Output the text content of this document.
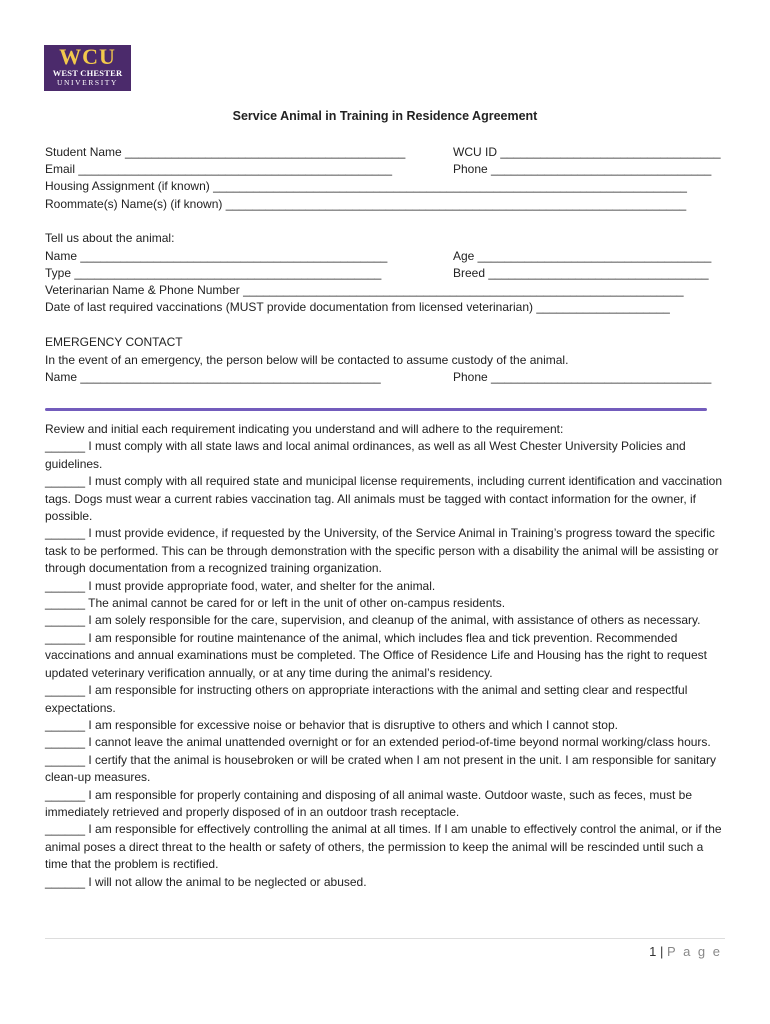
WCU
WEST CHESTER
UNIVERSITY
Service Animal in Training in Residence Agreement
Student Name __________________________________________	WCU ID _________________________________
Email _______________________________________________	Phone _________________________________
Housing Assignment (if known) _______________________________________________________________________
Roommate(s) Name(s) (if known) _____________________________________________________________________
Tell us about the animal:
Name ______________________________________________	Age ___________________________________
Type ______________________________________________	Breed _________________________________
Veterinarian Name & Phone Number __________________________________________________________________
Date of last required vaccinations (MUST provide documentation from licensed veterinarian) ____________________
EMERGENCY CONTACT
In the event of an emergency, the person below will be contacted to assume custody of the animal.
Name _____________________________________________	Phone _________________________________
Review and initial each requirement indicating you understand and will adhere to the requirement:
______ I must comply with all state laws and local animal ordinances, as well as all West Chester University Policies and guidelines.
______ I must comply with all required state and municipal license requirements, including current identification and vaccination tags. Dogs must wear a current rabies vaccination tag. All animals must be tagged with contact information for the owner, if possible.
______ I must provide evidence, if requested by the University, of the Service Animal in Training’s progress toward the specific task to be performed. This can be through demonstration with the specific person with a disability the animal will be assisting or through documentation from a recognized training organization.
______ I must provide appropriate food, water, and shelter for the animal.
______ The animal cannot be cared for or left in the unit of other on-campus residents.
______ I am solely responsible for the care, supervision, and cleanup of the animal, with assistance of others as necessary.
______ I am responsible for routine maintenance of the animal, which includes flea and tick prevention. Recommended vaccinations and annual examinations must be completed. The Office of Residence Life and Housing has the right to request updated veterinary verification annually, or at any time during the animal’s residency.
______ I am responsible for instructing others on appropriate interactions with the animal and setting clear and respectful expectations.
______ I am responsible for excessive noise or behavior that is disruptive to others and which I cannot stop.
______ I cannot leave the animal unattended overnight or for an extended period-of-time beyond normal working/class hours.
______ I certify that the animal is housebroken or will be crated when I am not present in the unit. I am responsible for sanitary clean-up measures.
______ I am responsible for properly containing and disposing of all animal waste. Outdoor waste, such as feces, must be immediately retrieved and properly disposed of in an outdoor trash receptacle.
______ I am responsible for effectively controlling the animal at all times. If I am unable to effectively control the animal, or if the animal poses a direct threat to the health or safety of others, the permission to keep the animal will be rescinded until such a time that the problem is rectified.
______ I will not allow the animal to be neglected or abused.
1 | P a g e
